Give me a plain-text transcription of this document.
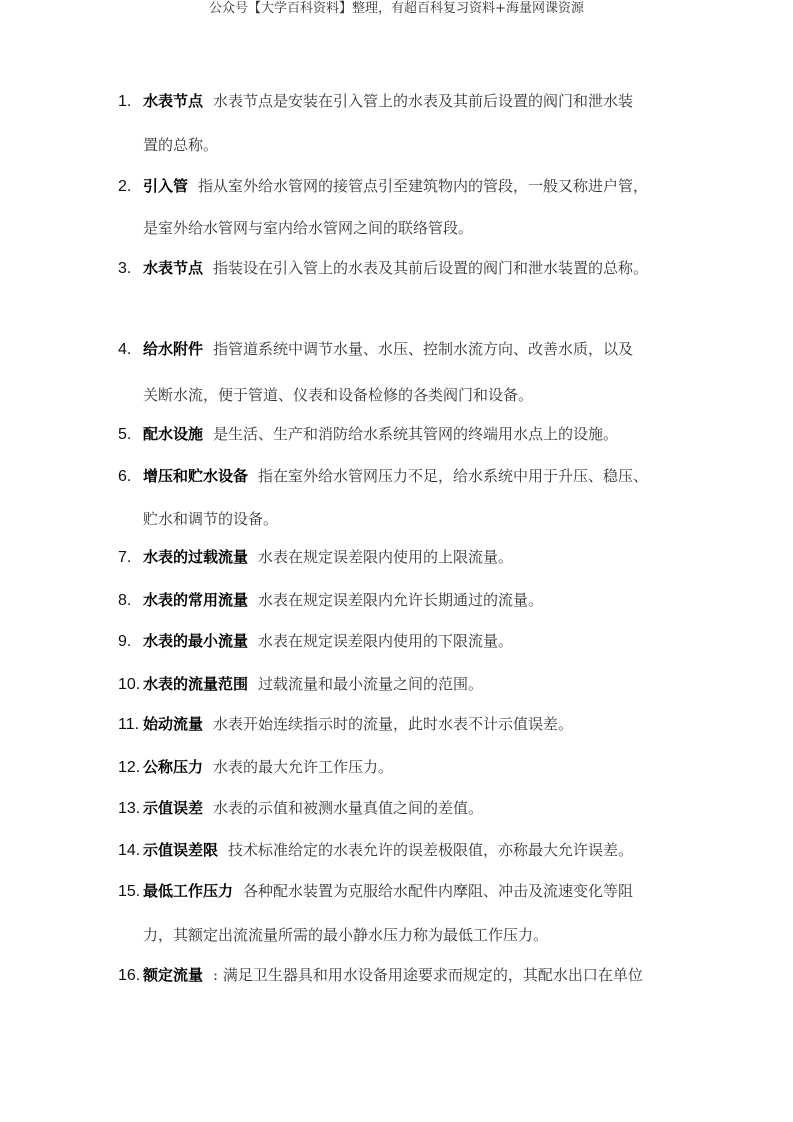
公众号【大学百科资料】整理，有超百科复习资料+海量网课资源
1. 水表节点 水表节点是安装在引入管上的水表及其前后设置的阀门和泄水装
置的总称。
2. 引入管 指从室外给水管网的接管点引至建筑物内的管段，一般又称进户管，
是室外给水管网与室内给水管网之间的联络管段。
3. 水表节点 指装设在引入管上的水表及其前后设置的阀门和泄水装置的总称。
4. 给水附件 指管道系统中调节水量、水压、控制水流方向、改善水质，以及
关断水流，便于管道、仪表和设备检修的各类阀门和设备。
5. 配水设施 是生活、生产和消防给水系统其管网的终端用水点上的设施。
6. 增压和贮水设备 指在室外给水管网压力不足，给水系统中用于升压、稳压、
贮水和调节的设备。
7. 水表的过载流量 水表在规定误差限内使用的上限流量。
8. 水表的常用流量 水表在规定误差限内允许长期通过的流量。
9. 水表的最小流量 水表在规定误差限内使用的下限流量。
10. 水表的流量范围 过载流量和最小流量之间的范围。
11. 始动流量 水表开始连续指示时的流量，此时水表不计示值误差。
12. 公称压力 水表的最大允许工作压力。
13. 示值误差 水表的示值和被测水量真值之间的差值。
14. 示值误差限 技术标准给定的水表允许的误差极限值，亦称最大允许误差。
15. 最低工作压力 各种配水装置为克服给水配件内摩阻、冲击及流速变化等阻
力，其额定出流流量所需的最小静水压力称为最低工作压力。
16. 额定流量 : 满足卫生器具和用水设备用途要求而规定的，其配水出口在单位
